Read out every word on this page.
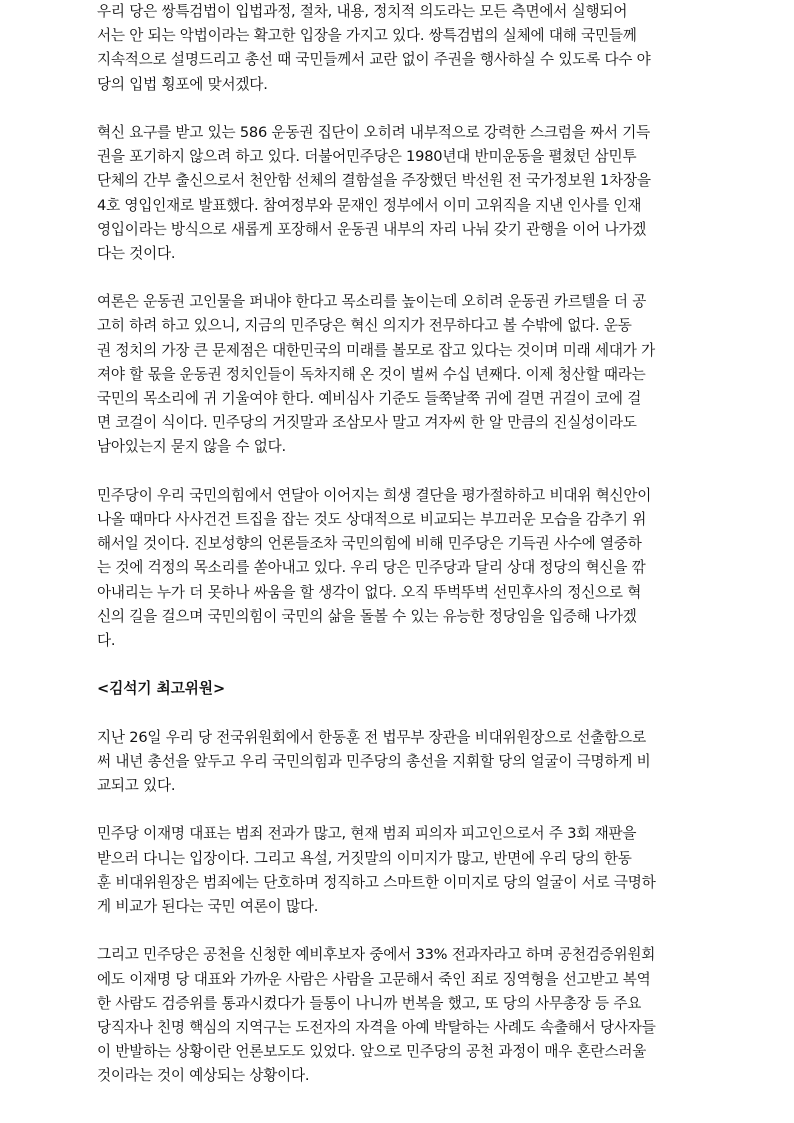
우리 당은 쌍특검법이 입법과정, 절차, 내용, 정치적 의도라는 모든 측면에서 실행되어
서는 안 되는 악법이라는 확고한 입장을 가지고 있다. 쌍특검법의 실체에 대해 국민들께
지속적으로 설명드리고 총선 때 국민들께서 교란 없이 주권을 행사하실 수 있도록 다수 야
당의 입법 횡포에 맞서겠다.
혁신 요구를 받고 있는 586 운동권 집단이 오히려 내부적으로 강력한 스크럼을 짜서 기득
권을 포기하지 않으려 하고 있다. 더불어민주당은 1980년대 반미운동을 펼쳤던 삼민투
단체의 간부 출신으로서 천안함 선체의 결함설을 주장했던 박선원 전 국가정보원 1차장을
4호 영입인재로 발표했다. 참여정부와 문재인 정부에서 이미 고위직을 지낸 인사를 인재
영입이라는 방식으로 새롭게 포장해서 운동권 내부의 자리 나눠 갖기 관행을 이어 나가겠
다는 것이다.
여론은 운동권 고인물을 퍼내야 한다고 목소리를 높이는데 오히려 운동권 카르텔을 더 공
고히 하려 하고 있으니, 지금의 민주당은 혁신 의지가 전무하다고 볼 수밖에 없다. 운동
권 정치의 가장 큰 문제점은 대한민국의 미래를 볼모로 잡고 있다는 것이며 미래 세대가 가
져야 할 몫을 운동권 정치인들이 독차지해 온 것이 벌써 수십 년째다. 이제 청산할 때라는
국민의 목소리에 귀 기울여야 한다. 예비심사 기준도 들쭉날쭉 귀에 걸면 귀걸이 코에 걸
면 코걸이 식이다. 민주당의 거짓말과 조삼모사 말고 겨자씨 한 알 만큼의 진실성이라도
남아있는지 묻지 않을 수 없다.
민주당이 우리 국민의힘에서 연달아 이어지는 희생 결단을 평가절하하고 비대위 혁신안이
나올 때마다 사사건건 트집을 잡는 것도 상대적으로 비교되는 부끄러운 모습을 감추기 위
해서일 것이다. 진보성향의 언론들조차 국민의힘에 비해 민주당은 기득권 사수에 열중하
는 것에 걱정의 목소리를 쏟아내고 있다. 우리 당은 민주당과 달리 상대 정당의 혁신을 깎
아내리는 누가 더 못하나 싸움을 할 생각이 없다. 오직 뚜벅뚜벅 선민후사의 정신으로 혁
신의 길을 걸으며 국민의힘이 국민의 삶을 돌볼 수 있는 유능한 정당임을 입증해 나가겠
다.
<김석기 최고위원>
지난 26일 우리 당 전국위원회에서 한동훈 전 법무부 장관을 비대위원장으로 선출함으로
써 내년 총선을 앞두고 우리 국민의힘과 민주당의 총선을 지휘할 당의 얼굴이 극명하게 비
교되고 있다.
민주당 이재명 대표는 범죄 전과가 많고, 현재 범죄 피의자 피고인으로서 주 3회 재판을
받으러 다니는 입장이다. 그리고 욕설, 거짓말의 이미지가 많고, 반면에 우리 당의 한동
훈 비대위원장은 범죄에는 단호하며 정직하고 스마트한 이미지로 당의 얼굴이 서로 극명하
게 비교가 된다는 국민 여론이 많다.
그리고 민주당은 공천을 신청한 예비후보자 중에서 33% 전과자라고 하며 공천검증위원회
에도 이재명 당 대표와 가까운 사람은 사람을 고문해서 죽인 죄로 징역형을 선고받고 복역
한 사람도 검증위를 통과시켰다가 들통이 나니까 번복을 했고, 또 당의 사무총장 등 주요
당직자나 친명 핵심의 지역구는 도전자의 자격을 아예 박탈하는 사례도 속출해서 당사자들
이 반발하는 상황이란 언론보도도 있었다. 앞으로 민주당의 공천 과정이 매우 혼란스러울
것이라는 것이 예상되는 상황이다.
